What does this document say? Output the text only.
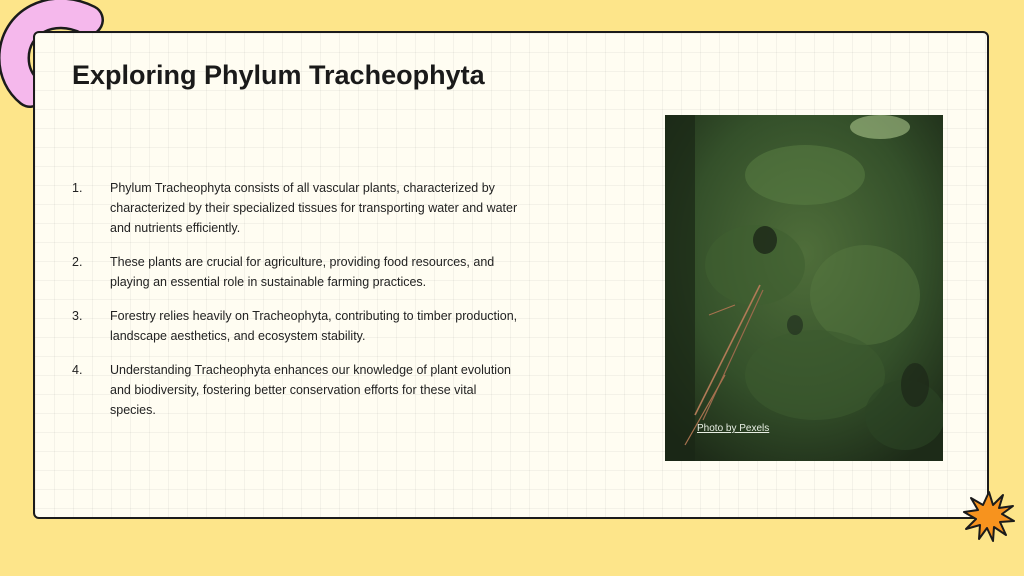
Exploring Phylum Tracheophyta
1.	Phylum Tracheophyta consists of all vascular plants, characterized by characterized by their specialized tissues for transporting water and water and nutrients efficiently.
2.	These plants are crucial for agriculture, providing food resources, and playing an essential role in sustainable farming practices.
3.	Forestry relies heavily on Tracheophyta, contributing to timber production, landscape aesthetics, and ecosystem stability.
4.	Understanding Tracheophyta enhances our knowledge of plant evolution and biodiversity, fostering better conservation efforts for these vital species.
Photo by Pexels
